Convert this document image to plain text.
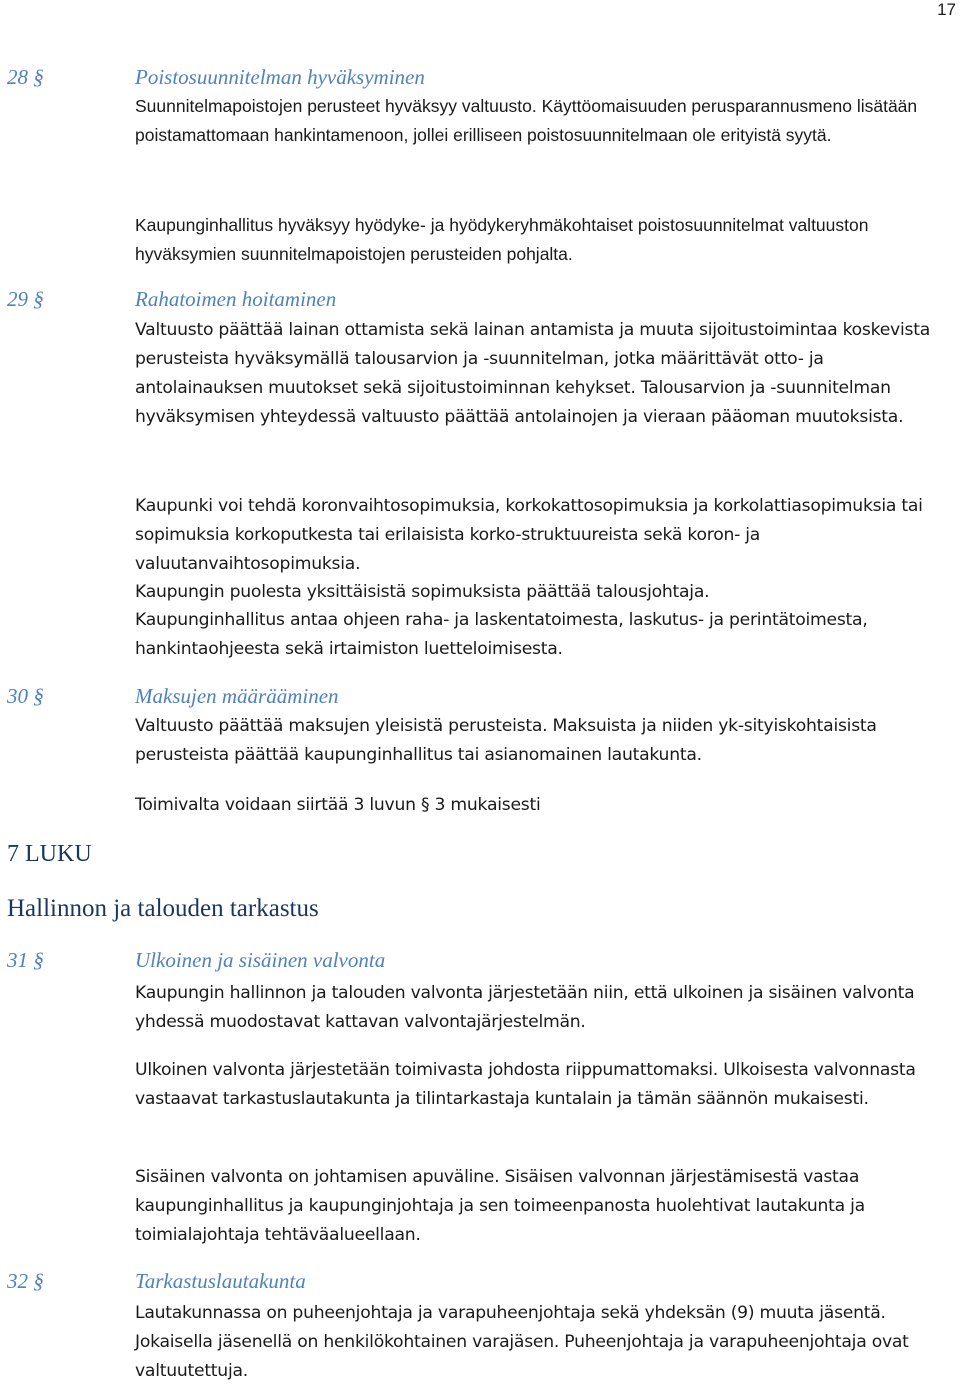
17
28 §	Poistosuunnitelman hyväksyminen

Suunnitelmapoistojen perusteet hyväksyy valtuusto. Käyttöomaisuuden perusparannusmeno lisätään poistamattomaan hankintamenoon, jollei erilliseen poistosuunnitelmaan ole erityistä syytä.

Kaupunginhallitus hyväksyy hyödyke- ja hyödykeryhmäkohtaiset poistosuunnitelmat valtuuston hyväksymien suunnitelmapoistojen perusteiden pohjalta.

29 §	Rahatoimen hoitaminen

Valtuusto päättää lainan ottamista sekä lainan antamista ja muuta sijoitustoimintaa koskevista perusteista hyväksymällä talousarvion ja -suunnitelman, jotka määrittävät otto- ja antolainauksen muutokset sekä sijoitustoiminnan kehykset. Talousarvion ja -suunnitelman hyväksymisen yhteydessä valtuusto päättää antolainojen ja vieraan pääoman muutoksista.

Kaupunki voi tehdä koronvaihtosopimuksia, korkokattosopimuksia ja korkolattiasopimuksia tai sopimuksia korkoputkesta tai erilaisista korko-struktuureista sekä koron- ja valuutanvaihtosopimuksia.

Kaupungin puolesta yksittäisistä sopimuksista päättää talousjohtaja.

Kaupunginhallitus antaa ohjeen raha- ja laskentatoimesta, laskutus- ja perintätoimesta, hankintaohjeesta sekä irtaimiston luetteloimisesta.

30 §	Maksujen määrääminen

Valtuusto päättää maksujen yleisistä perusteista. Maksuista ja niiden yk-sityiskohtaisista perusteista päättää kaupunginhallitus tai asianomainen lautakunta.

Toimivalta voidaan siirtää 3 luvun § 3 mukaisesti

7 LUKU
Hallinnon ja talouden tarkastus
31 §	Ulkoinen ja sisäinen valvonta

Kaupungin hallinnon ja talouden valvonta järjestetään niin, että ulkoinen ja sisäinen valvonta yhdessä muodostavat kattavan valvontajärjestelmän.

Ulkoinen valvonta järjestetään toimivasta johdosta riippumattomaksi. Ulkoisesta valvonnasta vastaavat tarkastuslautakunta ja tilintarkastaja kuntalain ja tämän säännön mukaisesti.

Sisäinen valvonta on johtamisen apuväline. Sisäisen valvonnan järjestämisestä vastaa kaupunginhallitus ja kaupunginjohtaja ja sen toimeenpanosta huolehtivat lautakunta ja toimialajohtaja tehtäväalueellaan.

32 §	Tarkastuslautakunta

Lautakunnassa on puheenjohtaja ja varapuheenjohtaja sekä yhdeksän (9) muuta jäsentä. Jokaisella jäsenellä on henkilökohtainen varajäsen. Puheenjohtaja ja varapuheenjohtaja ovat valtuutettuja.
